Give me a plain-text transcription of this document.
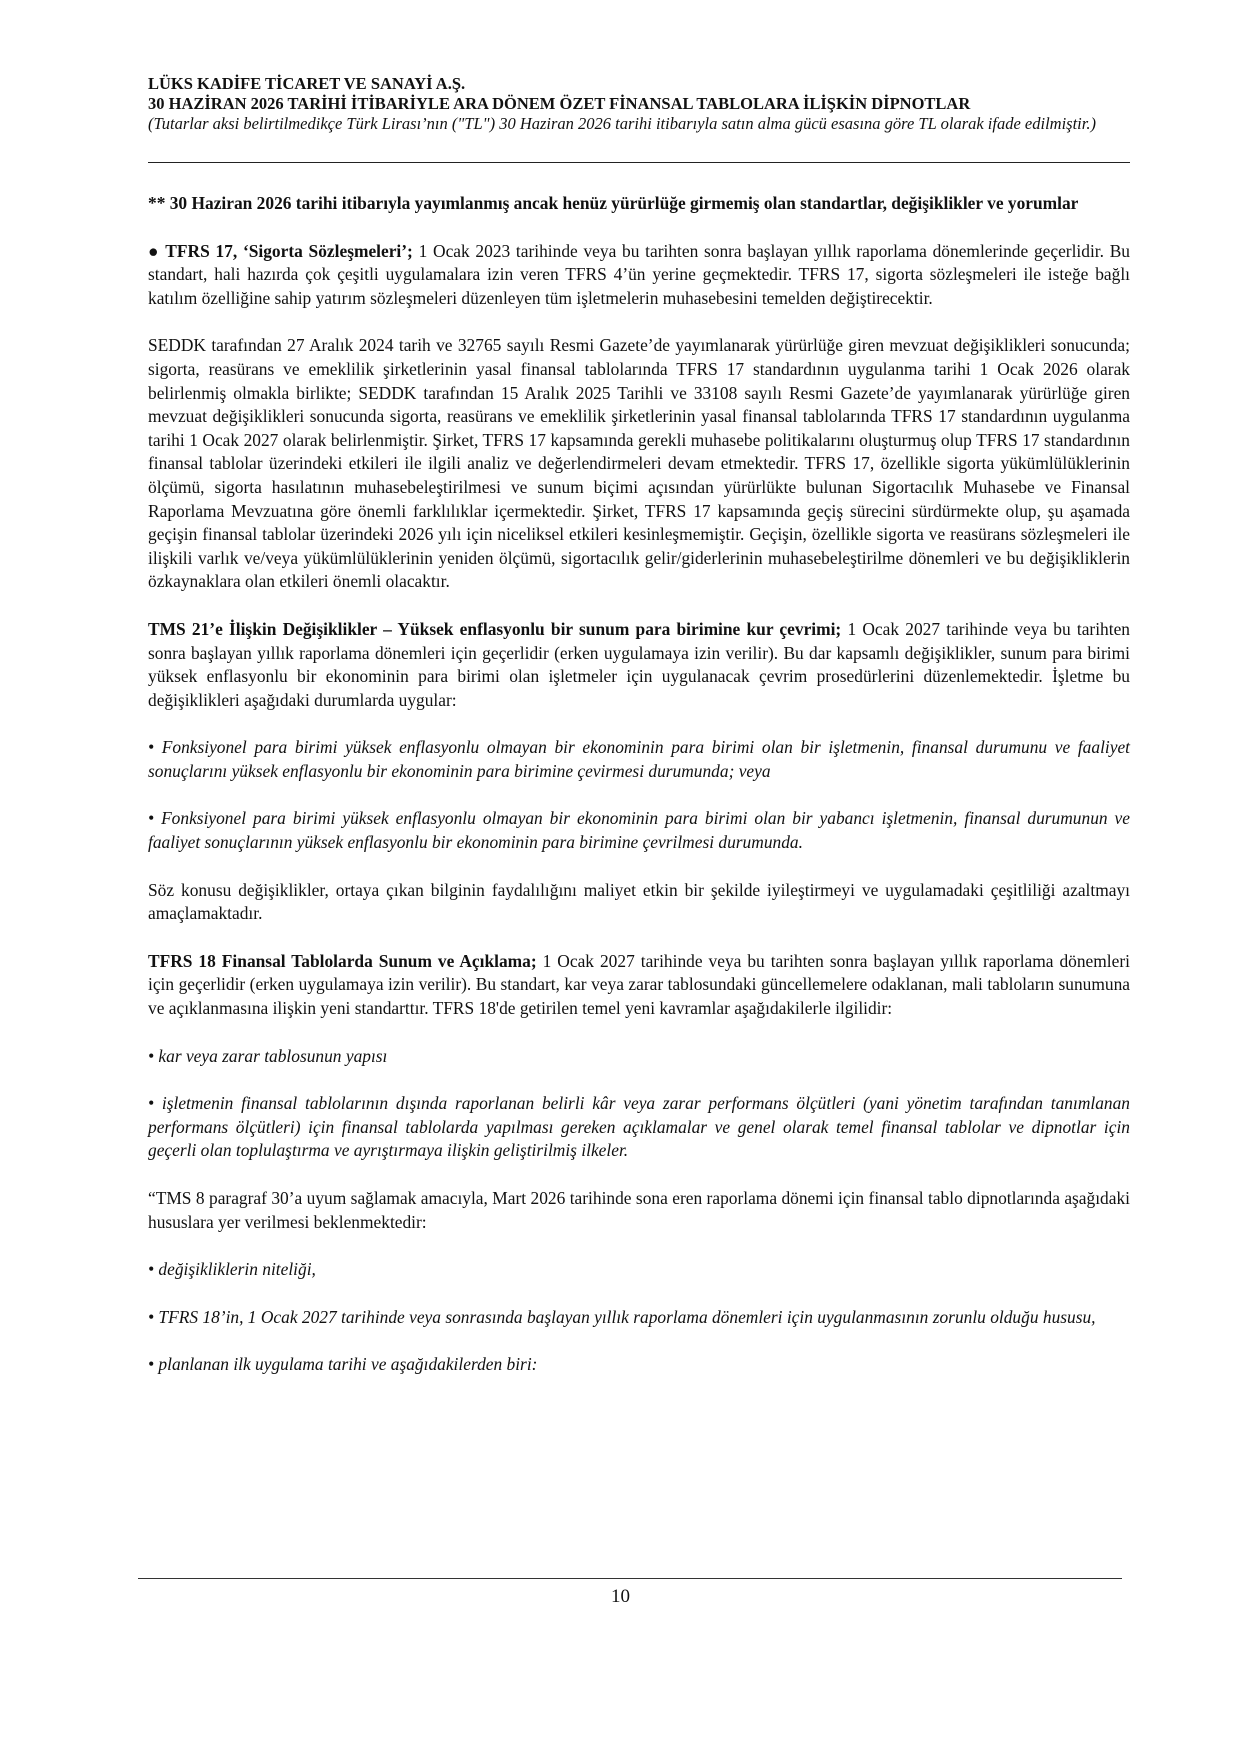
LÜKS KADİFE TİCARET VE SANAYİ A.Ş.
30 HAZİRAN 2026 TARİHİ İTİBARİYLE ARA DÖNEM ÖZET FİNANSAL TABLOLARA İLİŞKİN DİPNOTLAR
(Tutarlar aksi belirtilmedikçe Türk Lirası’nın ("TL") 30 Haziran 2026 tarihi itibarıyla satın alma gücü esasına göre TL olarak ifade edilmiştir.)

** 30 Haziran 2026 tarihi itibarıyla yayımlanmış ancak henüz yürürlüğe girmemiş olan standartlar, değişiklikler ve yorumlar

● TFRS 17, ‘Sigorta Sözleşmeleri’; 1 Ocak 2023 tarihinde veya bu tarihten sonra başlayan yıllık raporlama dönemlerinde geçerlidir. Bu standart, hali hazırda çok çeşitli uygulamalara izin veren TFRS 4’ün yerine geçmektedir. TFRS 17, sigorta sözleşmeleri ile isteğe bağlı katılım özelliğine sahip yatırım sözleşmeleri düzenleyen tüm işletmelerin muhasebesini temelden değiştirecektir.

SEDDK tarafından 27 Aralık 2024 tarih ve 32765 sayılı Resmi Gazete’de yayımlanarak yürürlüğe giren mevzuat değişiklikleri sonucunda; sigorta, reasürans ve emeklilik şirketlerinin yasal finansal tablolarında TFRS 17 standardının uygulanma tarihi 1 Ocak 2026 olarak belirlenmiş olmakla birlikte; SEDDK tarafından 15 Aralık 2025 Tarihli ve 33108 sayılı Resmi Gazete’de yayımlanarak yürürlüğe giren mevzuat değişiklikleri sonucunda sigorta, reasürans ve emeklilik şirketlerinin yasal finansal tablolarında TFRS 17 standardının uygulanma tarihi 1 Ocak 2027 olarak belirlenmiştir. Şirket, TFRS 17 kapsamında gerekli muhasebe politikalarını oluşturmuş olup TFRS 17 standardının finansal tablolar üzerindeki etkileri ile ilgili analiz ve değerlendirmeleri devam etmektedir. TFRS 17, özellikle sigorta yükümlülüklerinin ölçümü, sigorta hasılatının muhasebeleştirilmesi ve sunum biçimi açısından yürürlükte bulunan Sigortacılık Muhasebe ve Finansal Raporlama Mevzuatına göre önemli farklılıklar içermektedir. Şirket, TFRS 17 kapsamında geçiş sürecini sürdürmekte olup, şu aşamada geçişin finansal tablolar üzerindeki 2026 yılı için niceliksel etkileri kesinleşmemiştir. Geçişin, özellikle sigorta ve reasürans sözleşmeleri ile ilişkili varlık ve/veya yükümlülüklerinin yeniden ölçümü, sigortacılık gelir/giderlerinin muhasebeleştirilme dönemleri ve bu değişikliklerin özkaynaklara olan etkileri önemli olacaktır.

TMS 21’e İlişkin Değişiklikler – Yüksek enflasyonlu bir sunum para birimine kur çevrimi; 1 Ocak 2027 tarihinde veya bu tarihten sonra başlayan yıllık raporlama dönemleri için geçerlidir (erken uygulamaya izin verilir). Bu dar kapsamlı değişiklikler, sunum para birimi yüksek enflasyonlu bir ekonominin para birimi olan işletmeler için uygulanacak çevrim prosedürlerini düzenlemektedir. İşletme bu değişiklikleri aşağıdaki durumlarda uygular:

• Fonksiyonel para birimi yüksek enflasyonlu olmayan bir ekonominin para birimi olan bir işletmenin, finansal durumunu ve faaliyet sonuçlarını yüksek enflasyonlu bir ekonominin para birimine çevirmesi durumunda; veya

• Fonksiyonel para birimi yüksek enflasyonlu olmayan bir ekonominin para birimi olan bir yabancı işletmenin, finansal durumunun ve faaliyet sonuçlarının yüksek enflasyonlu bir ekonominin para birimine çevrilmesi durumunda.

Söz konusu değişiklikler, ortaya çıkan bilginin faydalılığını maliyet etkin bir şekilde iyileştirmeyi ve uygulamadaki çeşitliliği azaltmayı amaçlamaktadır.

TFRS 18 Finansal Tablolarda Sunum ve Açıklama; 1 Ocak 2027 tarihinde veya bu tarihten sonra başlayan yıllık raporlama dönemleri için geçerlidir (erken uygulamaya izin verilir). Bu standart, kar veya zarar tablosundaki güncellemelere odaklanan, mali tabloların sunumuna ve açıklanmasına ilişkin yeni standarttır. TFRS 18'de getirilen temel yeni kavramlar aşağıdakilerle ilgilidir:

• kar veya zarar tablosunun yapısı

• işletmenin finansal tablolarının dışında raporlanan belirli kâr veya zarar performans ölçütleri (yani yönetim tarafından tanımlanan performans ölçütleri) için finansal tablolarda yapılması gereken açıklamalar ve genel olarak temel finansal tablolar ve dipnotlar için geçerli olan toplulaştırma ve ayrıştırmaya ilişkin geliştirilmiş ilkeler.

“TMS 8 paragraf 30’a uyum sağlamak amacıyla, Mart 2026 tarihinde sona eren raporlama dönemi için finansal tablo dipnotlarında aşağıdaki hususlara yer verilmesi beklenmektedir:

• değişikliklerin niteliği,

• TFRS 18’in, 1 Ocak 2027 tarihinde veya sonrasında başlayan yıllık raporlama dönemleri için uygulanmasının zorunlu olduğu hususu,

• planlanan ilk uygulama tarihi ve aşağıdakilerden biri:

10
